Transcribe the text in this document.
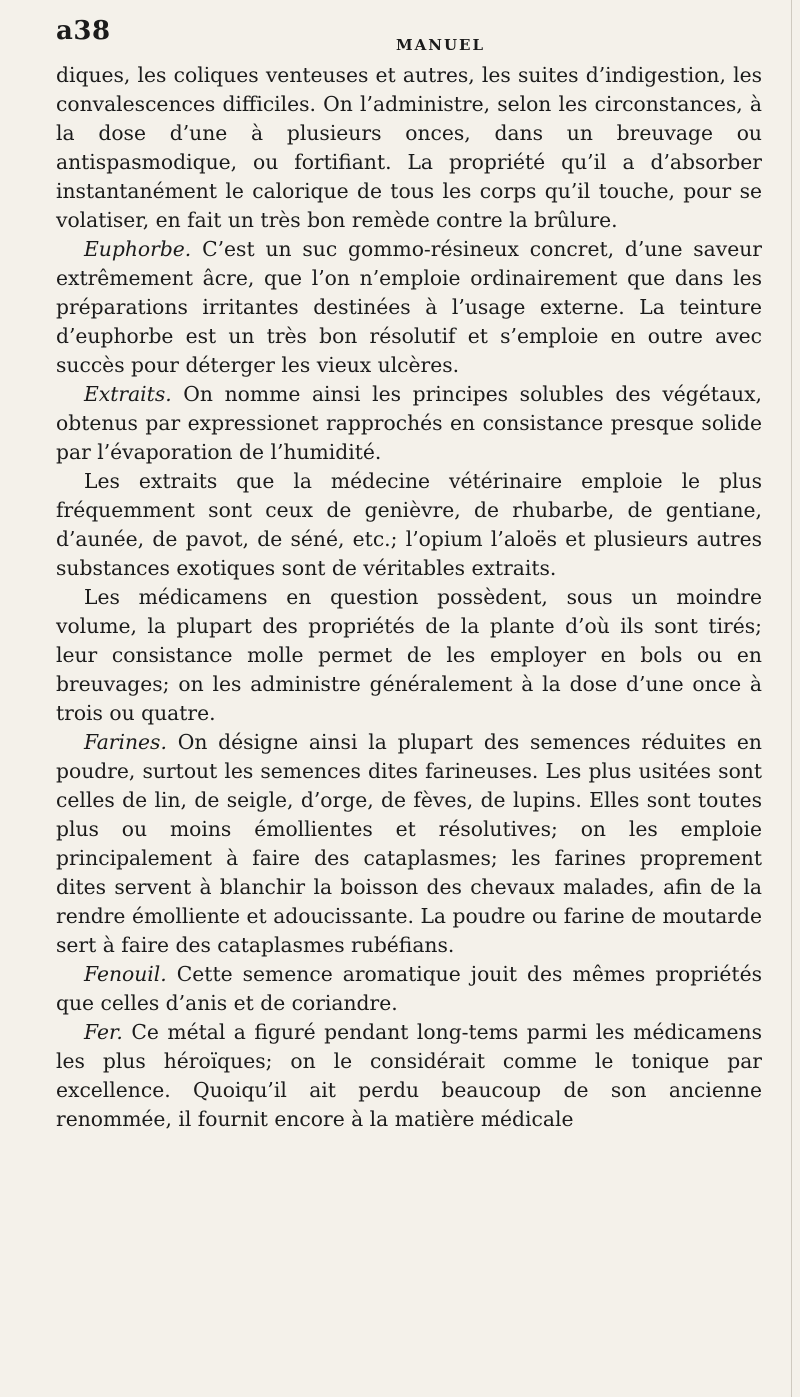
a38	MANUEL

diques, les coliques venteuses et autres, les suites d’indigestion, les convalescences difficiles. On l’administre, selon les circonstances, à la dose d’une à plusieurs onces, dans un breuvage ou antispasmodique, ou fortifiant. La propriété qu’il a d’absorber instantanément le calorique de tous les corps qu’il touche, pour se volatiser, en fait un très bon remède contre la brûlure.

Euphorbe. C’est un suc gommo-résineux concret, d’une saveur extrêmement âcre, que l’on n’emploie ordinairement que dans les préparations irritantes destinées à l’usage externe. La teinture d’euphorbe est un très bon résolutif et s’emploie en outre avec succès pour déterger les vieux ulcères.

Extraits. On nomme ainsi les principes solubles des végétaux, obtenus par expressionet rapprochés en consistance presque solide par l’évaporation de l’humidité.

Les extraits que la médecine vétérinaire emploie le plus fréquemment sont ceux de genièvre, de rhubarbe, de gentiane, d’aunée, de pavot, de séné, etc.; l’opium l’aloës et plusieurs autres substances exotiques sont de véritables extraits.

Les médicamens en question possèdent, sous un moindre volume, la plupart des propriétés de la plante d’où ils sont tirés; leur consistance molle permet de les employer en bols ou en breuvages; on les administre généralement à la dose d’une once à trois ou quatre.

Farines. On désigne ainsi la plupart des semences réduites en poudre, surtout les semences dites farineuses. Les plus usitées sont celles de lin, de seigle, d’orge, de fèves, de lupins. Elles sont toutes plus ou moins émollientes et résolutives; on les emploie principalement à faire des cataplasmes; les farines proprement dites servent à blanchir la boisson des chevaux malades, afin de la rendre émolliente et adoucissante. La poudre ou farine de moutarde sert à faire des cataplasmes rubéfians.

Fenouil. Cette semence aromatique jouit des mêmes propriétés que celles d’anis et de coriandre.

Fer. Ce métal a figuré pendant long-tems parmi les médicamens les plus héroïques; on le considérait comme le tonique par excellence. Quoiqu’il ait perdu beaucoup de son ancienne renommée, il fournit encore à la matière médicale
